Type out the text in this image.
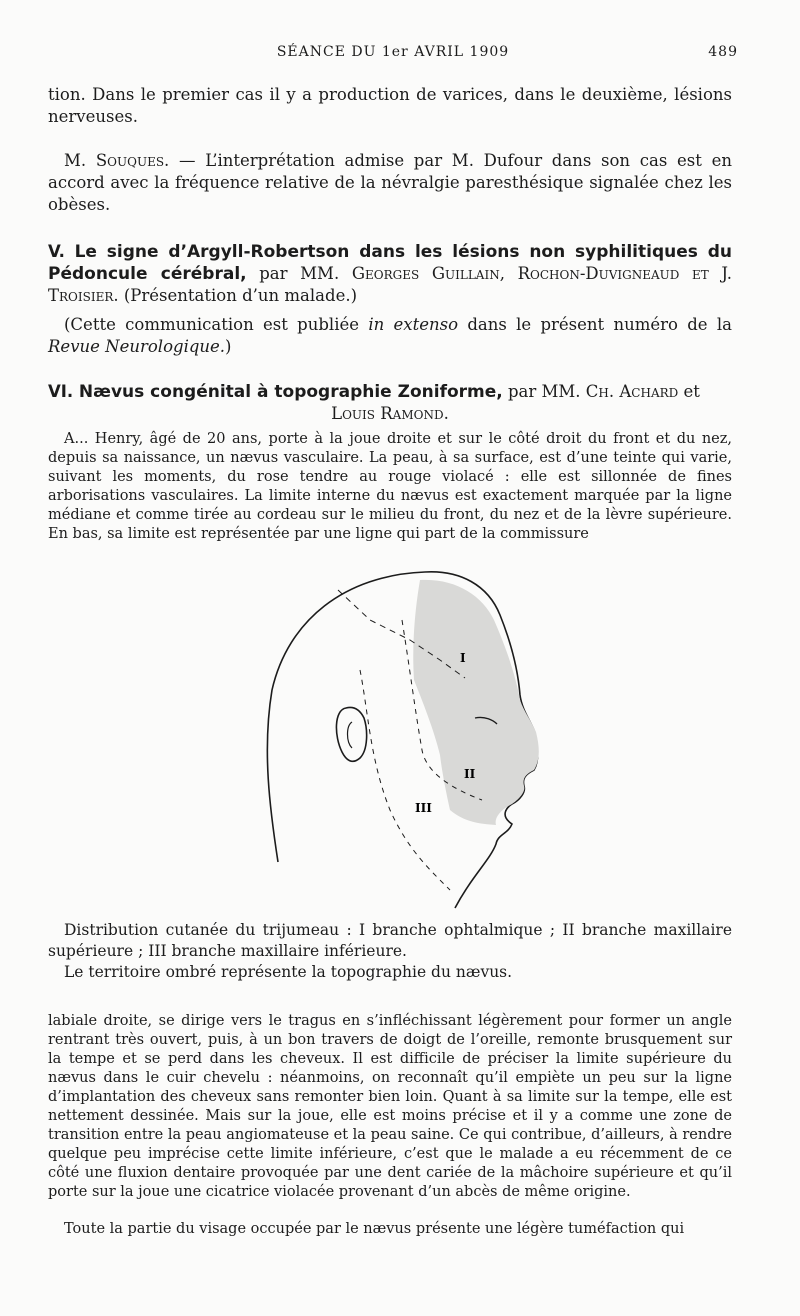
SÉANCE DU 1er AVRIL 1909	489
tion. Dans le premier cas il y a production de varices, dans le deuxième, lésions nerveuses.
M. Souques. — L’interprétation admise par M. Dufour dans son cas est en accord avec la fréquence relative de la névralgie paresthésique signalée chez les obèses.
V. Le signe d’Argyll-Robertson dans les lésions non syphilitiques du Pédoncule cérébral, par MM. Georges Guillain, Rochon-Duvigneaud et J. Troisier. (Présentation d’un malade.)
(Cette communication est publiée in extenso dans le présent numéro de la Revue Neurologique.)
VI. Nævus congénital à topographie Zoniforme, par MM. Ch. Achard et
Louis Ramond.
A... Henry, âgé de 20 ans, porte à la joue droite et sur le côté droit du front et du nez, depuis sa naissance, un nævus vasculaire. La peau, à sa surface, est d’une teinte qui varie, suivant les moments, du rose tendre au rouge violacé : elle est sillonnée de fines arborisations vasculaires. La limite interne du nævus est exactement marquée par la ligne médiane et comme tirée au cordeau sur le milieu du front, du nez et de la lèvre supérieure. En bas, sa limite est représentée par une ligne qui part de la commissure
I
II
III
Distribution cutanée du trijumeau : I branche ophtalmique ; II branche maxillaire supérieure ; III branche maxillaire inférieure.
Le territoire ombré représente la topographie du nævus.
labiale droite, se dirige vers le tragus en s’infléchissant légèrement pour former un angle rentrant très ouvert, puis, à un bon travers de doigt de l’oreille, remonte brusquement sur la tempe et se perd dans les cheveux. Il est difficile de préciser la limite supérieure du nævus dans le cuir chevelu : néanmoins, on reconnaît qu’il empiète un peu sur la ligne d’implantation des cheveux sans remonter bien loin. Quant à sa limite sur la tempe, elle est nettement dessinée. Mais sur la joue, elle est moins précise et il y a comme une zone de transition entre la peau angiomateuse et la peau saine. Ce qui contribue, d’ailleurs, à rendre quelque peu imprécise cette limite inférieure, c’est que le malade a eu récemment de ce côté une fluxion dentaire provoquée par une dent cariée de la mâchoire supérieure et qu’il porte sur la joue une cicatrice violacée provenant d’un abcès de même origine.
Toute la partie du visage occupée par le nævus présente une légère tuméfaction qui
